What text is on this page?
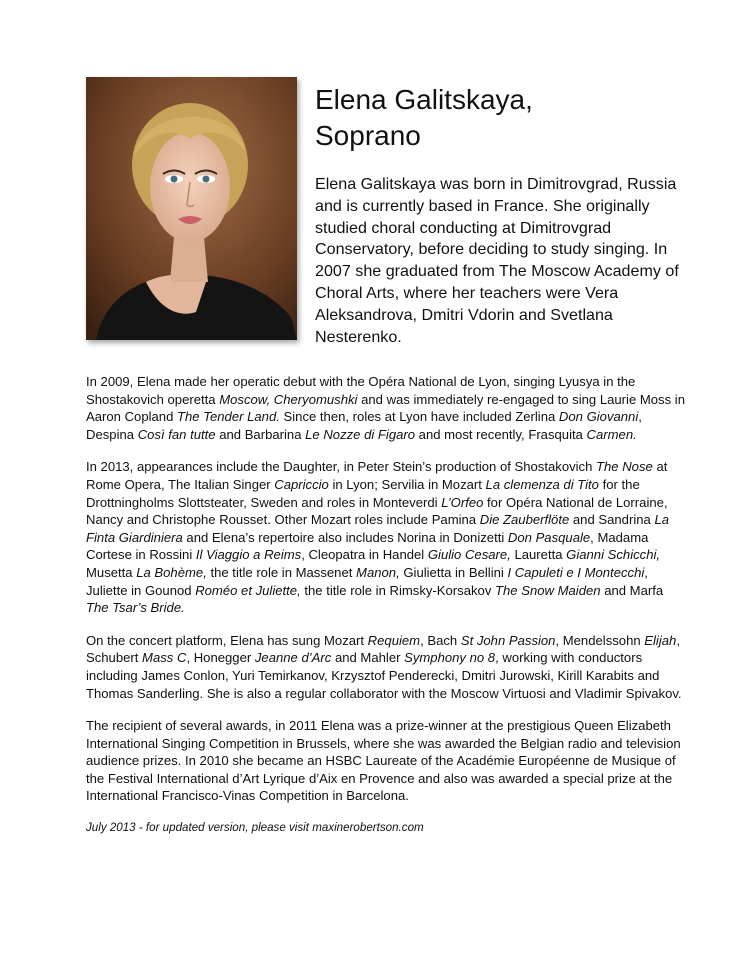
Elena Galitskaya,
Soprano

Elena Galitskaya was born in Dimitrovgrad, Russia and is currently based in France. She originally studied choral conducting at Dimitrovgrad Conservatory, before deciding to study singing. In 2007 she graduated from The Moscow Academy of Choral Arts, where her teachers were Vera Aleksandrova, Dmitri Vdorin and Svetlana Nesterenko.

In 2009, Elena made her operatic debut with the Opéra National de Lyon, singing Lyusya in the Shostakovich operetta Moscow, Cheryomushki and was immediately re-engaged to sing Laurie Moss in Aaron Copland The Tender Land. Since then, roles at Lyon have included Zerlina Don Giovanni, Despina Così fan tutte and Barbarina Le Nozze di Figaro and most recently, Frasquita Carmen.

In 2013, appearances include the Daughter, in Peter Stein’s production of Shostakovich The Nose at Rome Opera, The Italian Singer Capriccio in Lyon; Servilia in Mozart La clemenza di Tito for the Drottningholms Slottsteater, Sweden and roles in Monteverdi L’Orfeo for Opéra National de Lorraine, Nancy and Christophe Rousset. Other Mozart roles include Pamina Die Zauberflöte and Sandrina La Finta Giardiniera and Elena’s repertoire also includes Norina in Donizetti Don Pasquale, Madama Cortese in Rossini Il Viaggio a Reims, Cleopatra in Handel Giulio Cesare, Lauretta Gianni Schicchi, Musetta La Bohème, the title role in Massenet Manon, Giulietta in Bellini I Capuleti e I Montecchi, Juliette in Gounod Roméo et Juliette, the title role in Rimsky-Korsakov The Snow Maiden and Marfa The Tsar’s Bride.

On the concert platform, Elena has sung Mozart Requiem, Bach St John Passion, Mendelssohn Elijah, Schubert Mass C, Honegger Jeanne d’Arc and Mahler Symphony no 8, working with conductors including James Conlon, Yuri Temirkanov, Krzysztof Penderecki, Dmitri Jurowski, Kirill Karabits and Thomas Sanderling. She is also a regular collaborator with the Moscow Virtuosi and Vladimir Spivakov.

The recipient of several awards, in 2011 Elena was a prize-winner at the prestigious Queen Elizabeth International Singing Competition in Brussels, where she was awarded the Belgian radio and television audience prizes. In 2010 she became an HSBC Laureate of the Académie Européenne de Musique of the Festival International d’Art Lyrique d’Aix en Provence and also was awarded a special prize at the International Francisco-Vinas Competition in Barcelona.

July 2013 - for updated version, please visit maxinerobertson.com
